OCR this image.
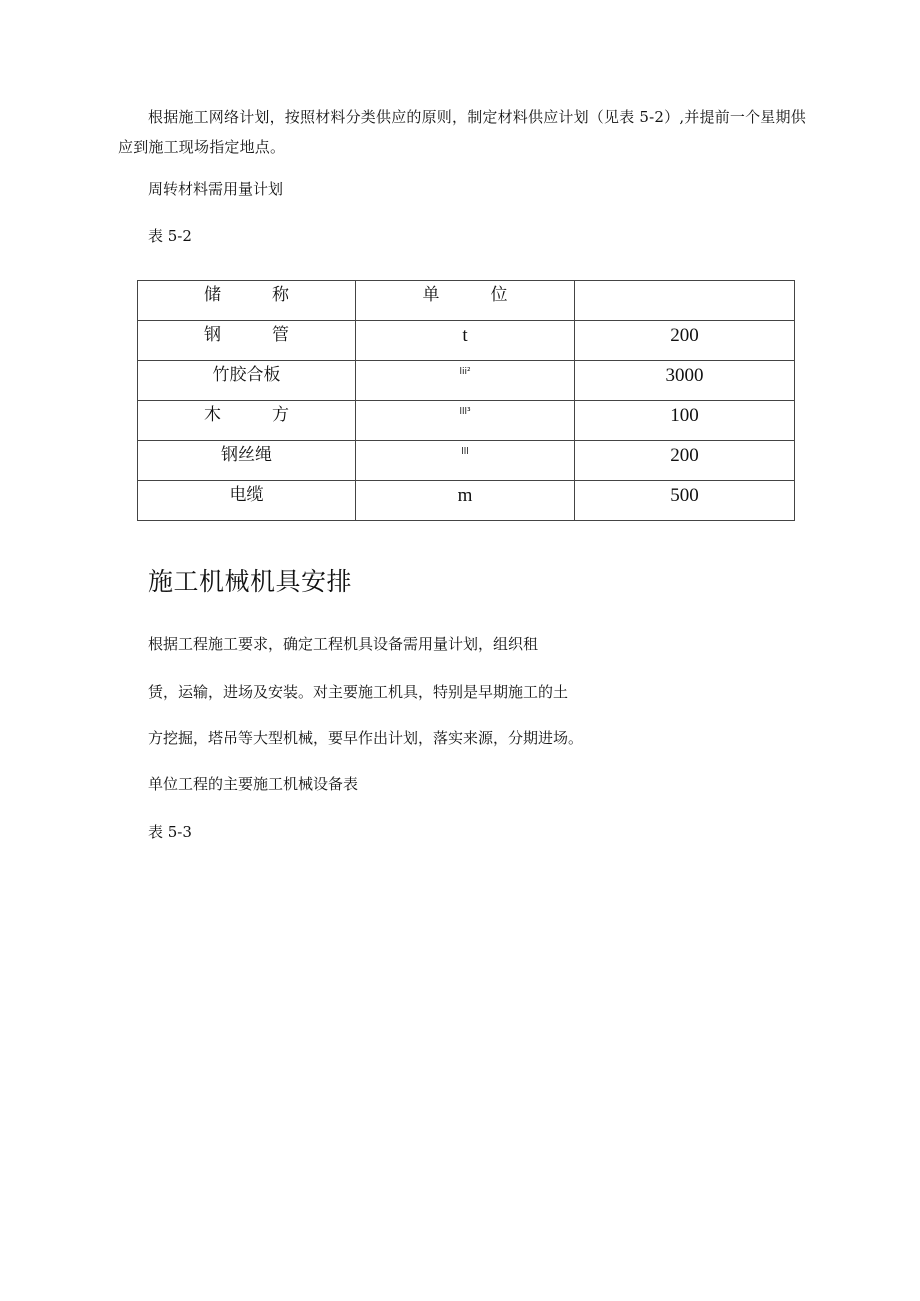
根据施工网络计划，按照材料分类供应的原则，制定材料供应计划（见表 5-2）,并提前一个星期供应到施工现场指定地点。

周转材料需用量计划

表 5-2

储　　　称	单　　　位	
钢　　　管	t	200
竹胶合板	lii²	3000
木　　　方	lll³	100
钢丝绳	lll	200
电缆	m	500
施工机械机具安排

根据工程施工要求，确定工程机具设备需用量计划，组织租

赁，运输，进场及安装。对主要施工机具，特别是早期施工的土

方挖掘，塔吊等大型机械，要早作出计划，落实来源，分期进场。

单位工程的主要施工机械设备表

表 5-3
